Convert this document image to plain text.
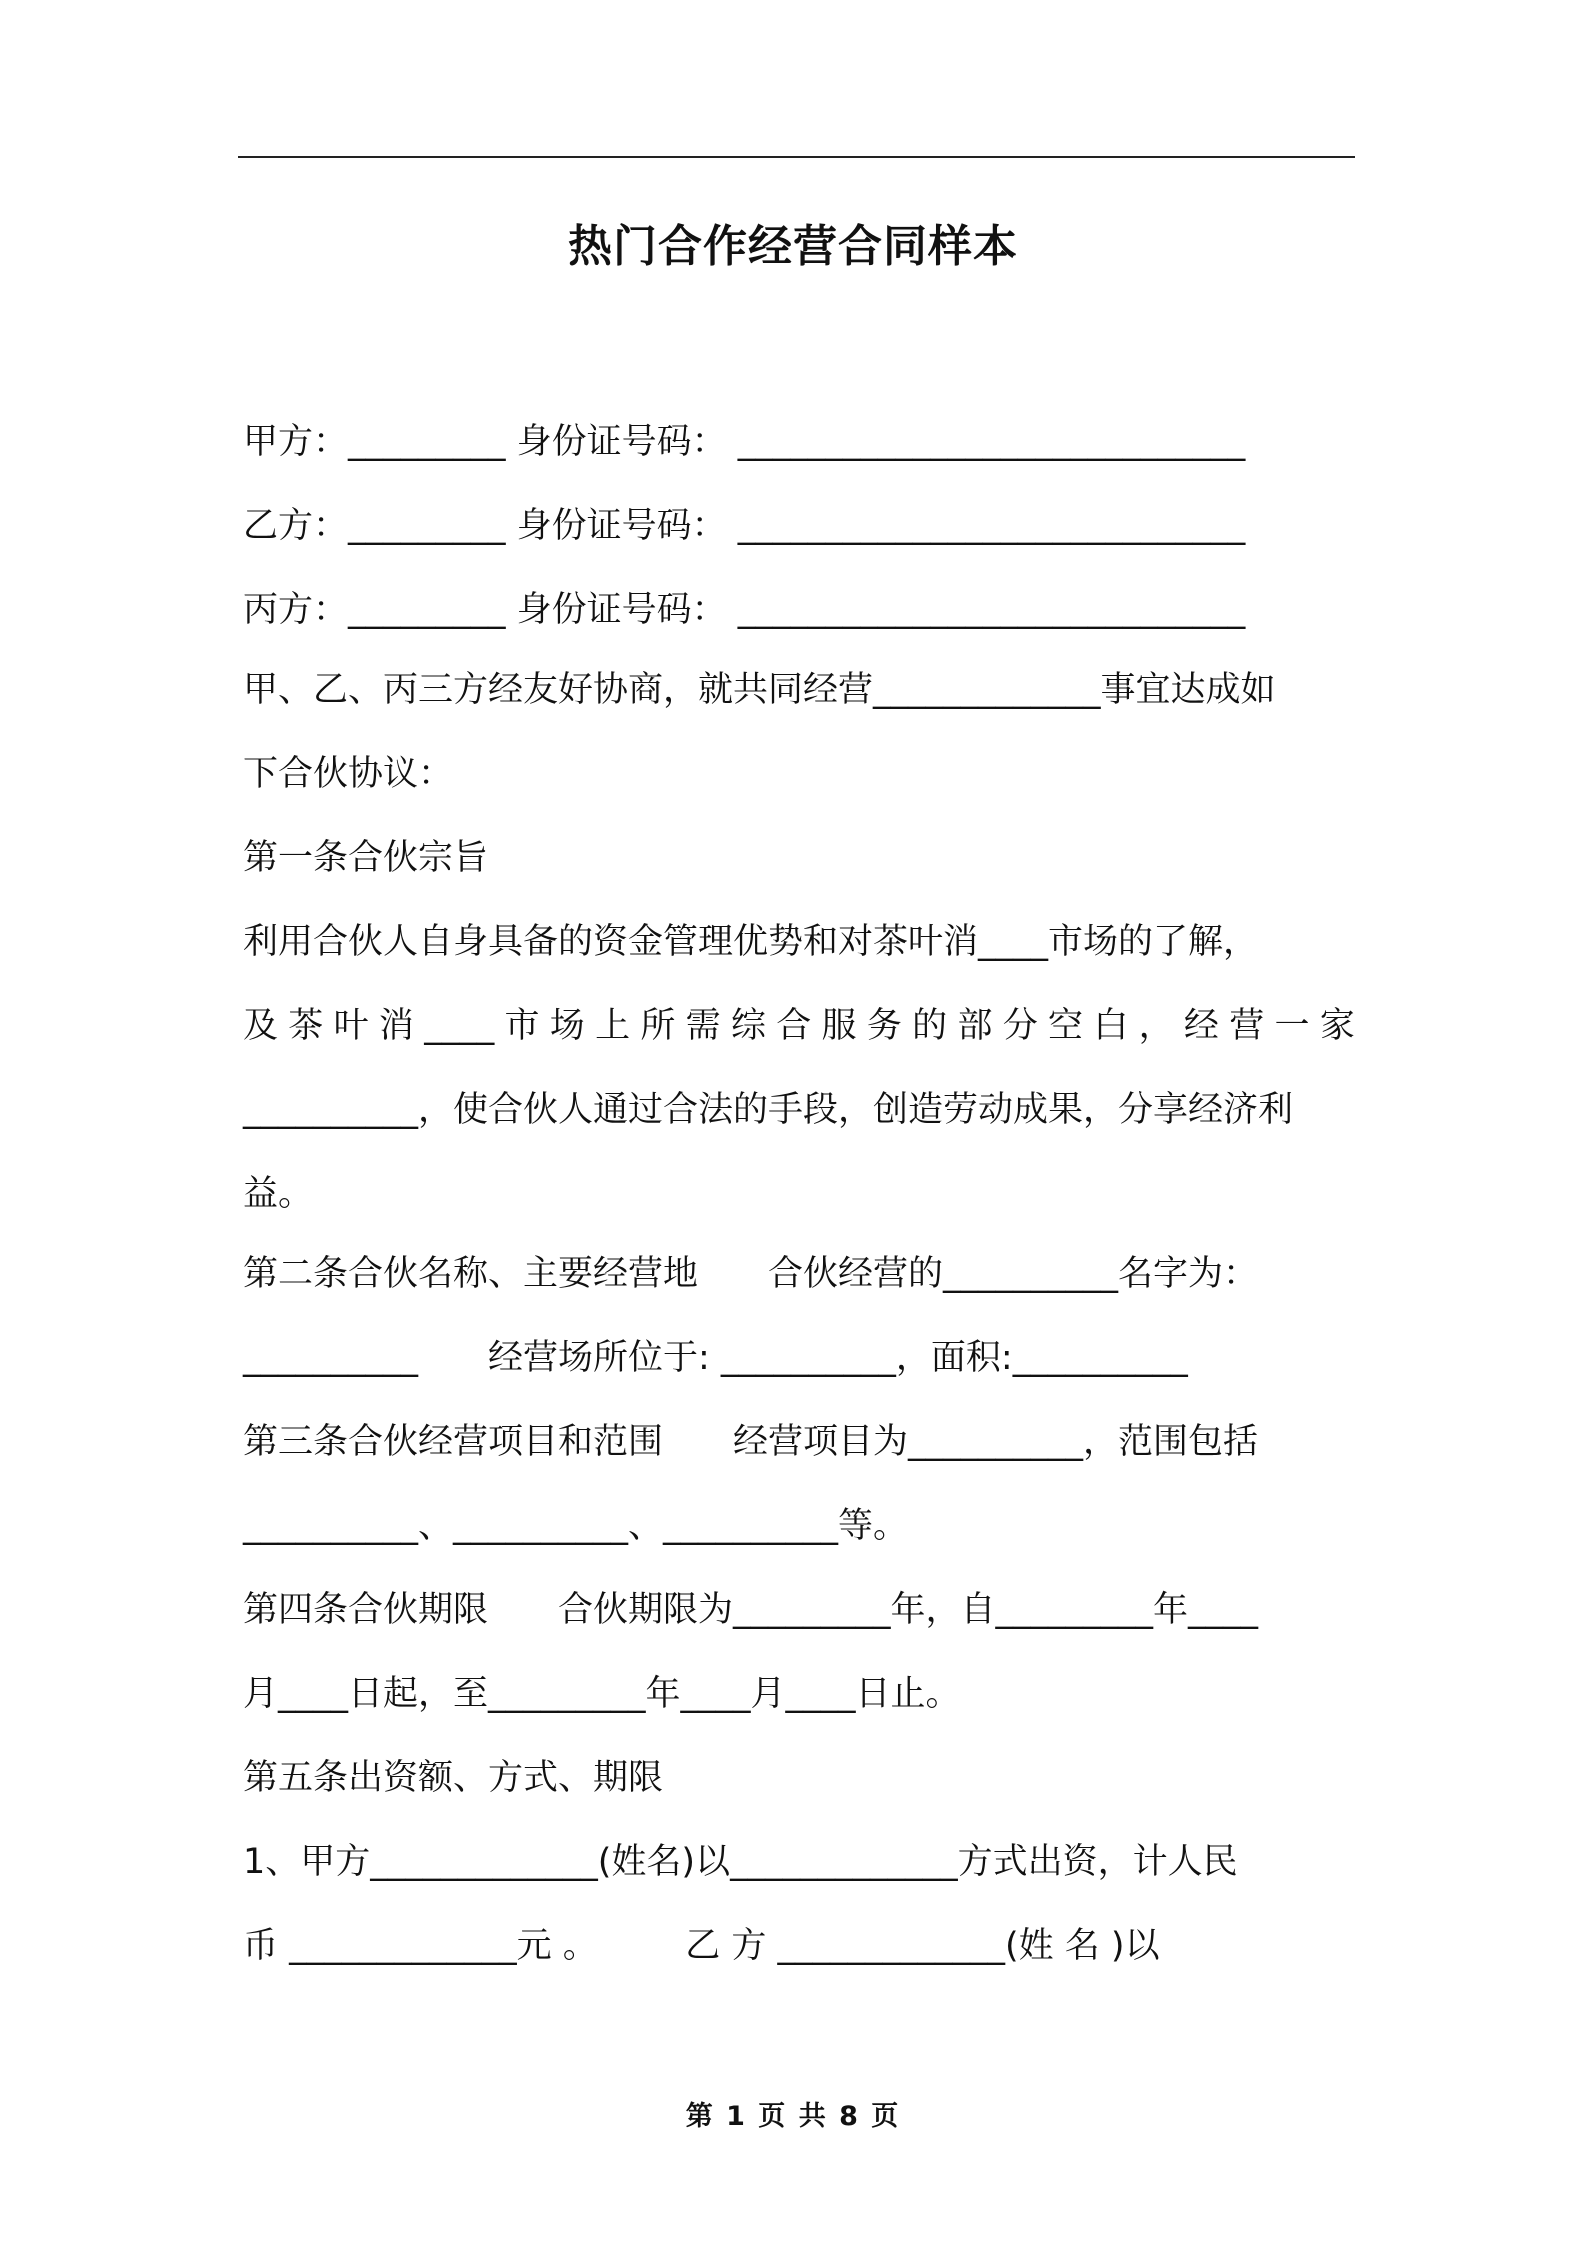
热门合作经营合同样本
甲方：_________ 身份证号码： _____________________________
乙方：_________ 身份证号码： _____________________________
丙方：_________ 身份证号码： _____________________________
甲、乙、丙三方经友好协商，就共同经营_____________事宜达成如
下合伙协议：
第一条合伙宗旨
利用合伙人自身具备的资金管理优势和对茶叶消____市场的了解，
及 茶 叶 消 ____ 市 场 上 所 需 综 合 服 务 的 部 分 空 白 ， 经 营 一 家
__________，使合伙人通过合法的手段，创造劳动成果，分享经济利
益。
第二条合伙名称、主要经营地　　合伙经营的__________名字为：
__________　　经营场所位于: __________，面积:__________
第三条合伙经营项目和范围　　经营项目为__________，范围包括
__________、__________、__________等。
第四条合伙期限　　合伙期限为_________年，自_________年____
月____日起，至_________年____月____日止。
第五条出资额、方式、期限
1、甲方_____________(姓名)以_____________方式出资，计人民
币 _____________元 。　　　乙 方 _____________(姓 名 )以
第 1 页 共 8 页
